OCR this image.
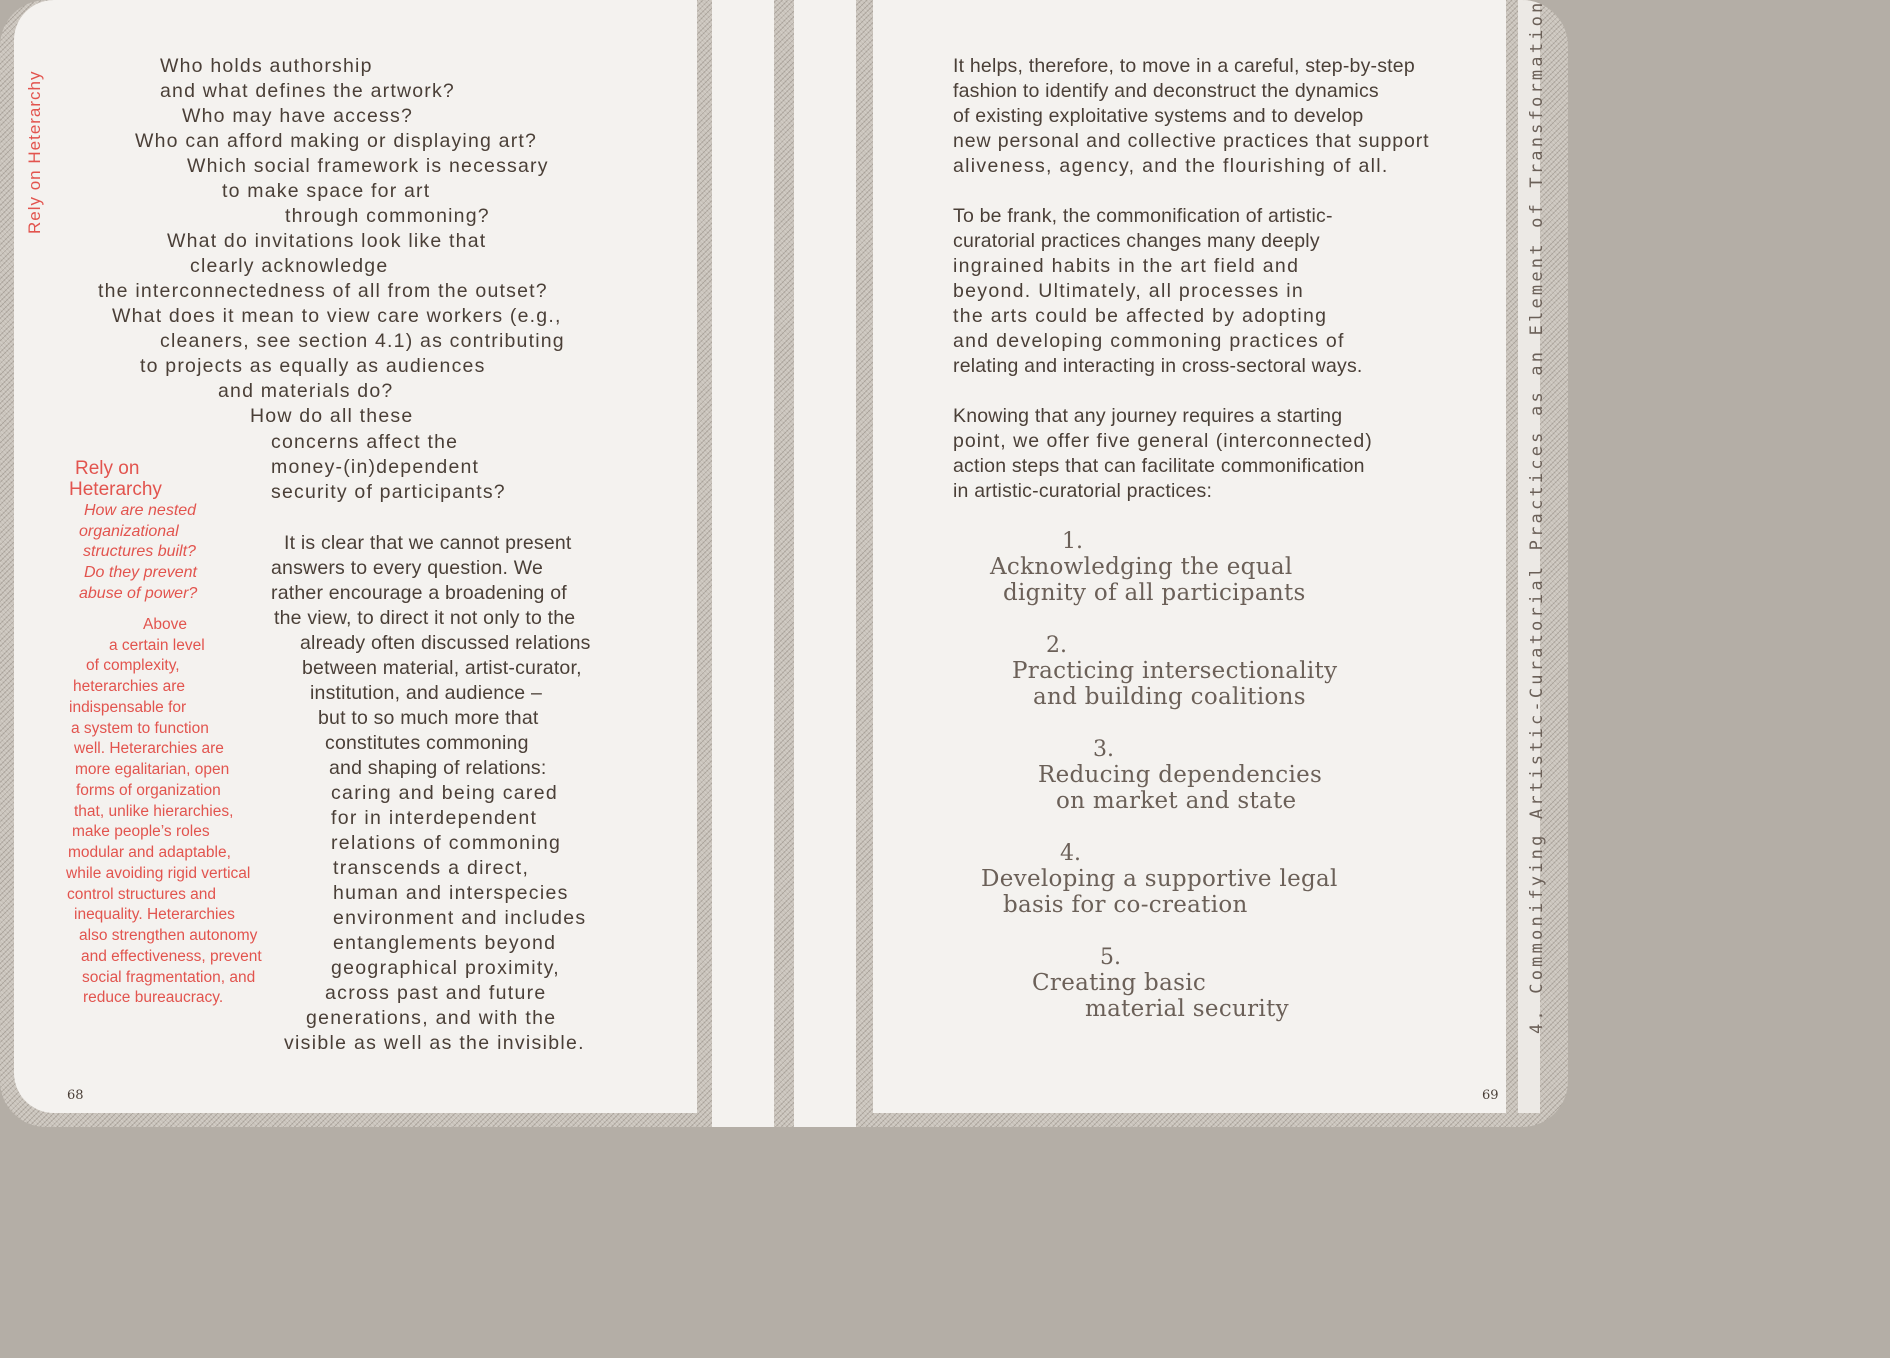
Rely on Heterarchy
Who holds authorship
and what defines the artwork?
Who may have access?
Who can afford making or displaying art?
Which social framework is necessary
to make space for art
through commoning?
What do invitations look like that
clearly acknowledge
the interconnectedness of all from the outset?
What does it mean to view care workers (e.g.,
cleaners, see section 4.1) as contributing
to projects as equally as audiences
and materials do?
How do all these
concerns affect the
money-(in)dependent
security of participants?
It is clear that we cannot present
answers to every question. We
rather encourage a broadening of
the view, to direct it not only to the
already often discussed relations
between material, artist-curator,
institution, and audience –
but to so much more that
constitutes commoning
and shaping of relations:
caring and being cared
for in interdependent
relations of commoning
transcends a direct,
human and interspecies
environment and includes
entanglements beyond
geographical proximity,
across past and future
generations, and with the
visible as well as the invisible.
Rely on
Heterarchy
How are nested
organizational
structures built?
Do they prevent
abuse of power?
Above
a certain level
of complexity,
heterarchies are
indispensable for
a system to function
well. Heterarchies are
more egalitarian, open
forms of organization
that, unlike hierarchies,
make people’s roles
modular and adaptable,
while avoiding rigid vertical
control structures and
inequality. Heterarchies
also strengthen autonomy
and effectiveness, prevent
social fragmentation, and
reduce bureaucracy.
68
It helps, therefore, to move in a careful, step-by-step
fashion to identify and deconstruct the dynamics
of existing exploitative systems and to develop
new personal and collective practices that support
aliveness, agency, and the flourishing of all.
To be frank, the commonification of artistic-
curatorial practices changes many deeply
ingrained habits in the art field and
beyond. Ultimately, all processes in
the arts could be affected by adopting
and developing commoning practices of
relating and interacting in cross-sectoral ways.
Knowing that any journey requires a starting
point, we offer five general (interconnected)
action steps that can facilitate commonification
in artistic-curatorial practices:
1.
Acknowledging the equal
dignity of all participants
2.
Practicing intersectionality
and building coalitions
3.
Reducing dependencies
on market and state
4.
Developing a supportive legal
basis for co-creation
5.
Creating basic
material security	4. Commonifying Artistic-Curatorial Practices as an Element of Transformation
69
